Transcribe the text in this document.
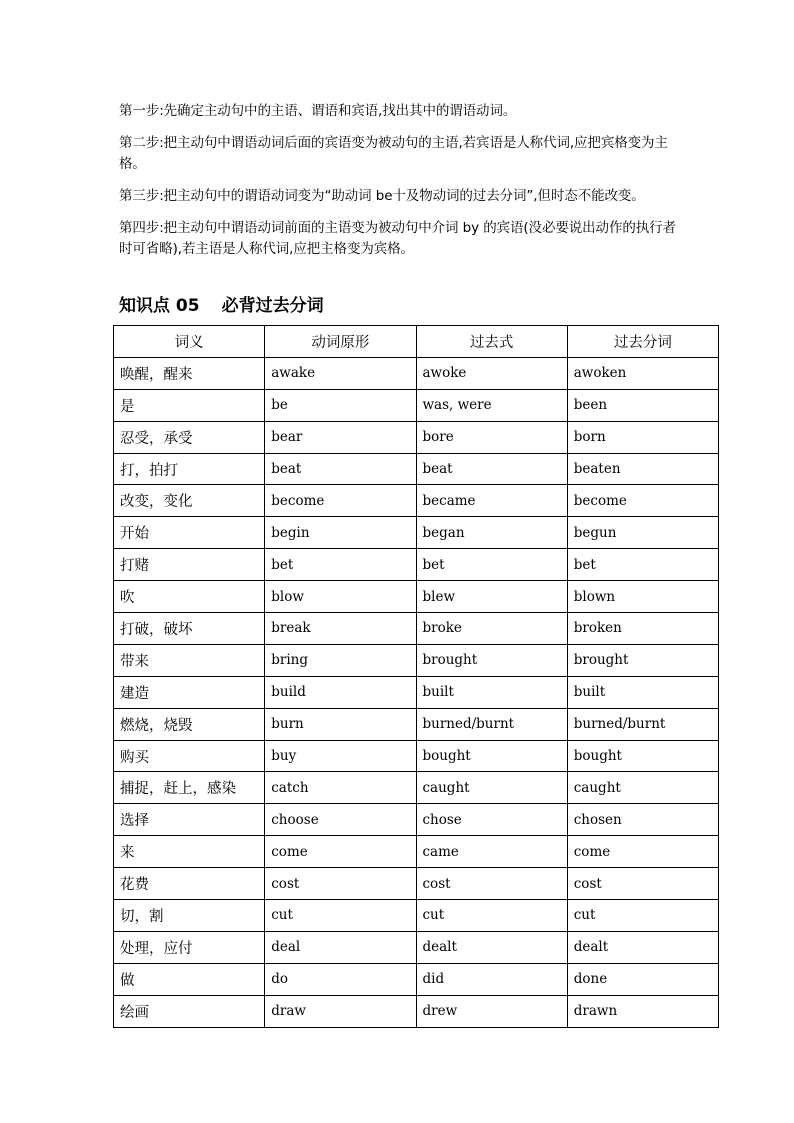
第一步:先确定主动句中的主语、谓语和宾语,找出其中的谓语动词。

第二步:把主动句中谓语动词后面的宾语变为被动句的主语,若宾语是人称代词,应把宾格变为主格。

第三步:把主动句中的谓语动词变为“助动词 be十及物动词的过去分词”,但时态不能改变。

第四步:把主动句中谓语动词前面的主语变为被动句中介词 by 的宾语(没必要说出动作的执行者时可省略),若主语是人称代词,应把主格变为宾格。

知识点 05 必背过去分词
词义	动词原形	过去式	过去分词
唤醒，醒来	awake	awoke	awoken
是	be	was, were	been
忍受，承受	bear	bore	born
打，拍打	beat	beat	beaten
改变，变化	become	became	become
开始	begin	began	begun
打赌	bet	bet	bet
吹	blow	blew	blown
打破，破坏	break	broke	broken
带来	bring	brought	brought
建造	build	built	built
燃烧，烧毁	burn	burned/burnt	burned/burnt
购买	buy	bought	bought
捕捉，赶上，感染	catch	caught	caught
选择	choose	chose	chosen
来	come	came	come
花费	cost	cost	cost
切，割	cut	cut	cut
处理，应付	deal	dealt	dealt
做	do	did	done
绘画	draw	drew	drawn
